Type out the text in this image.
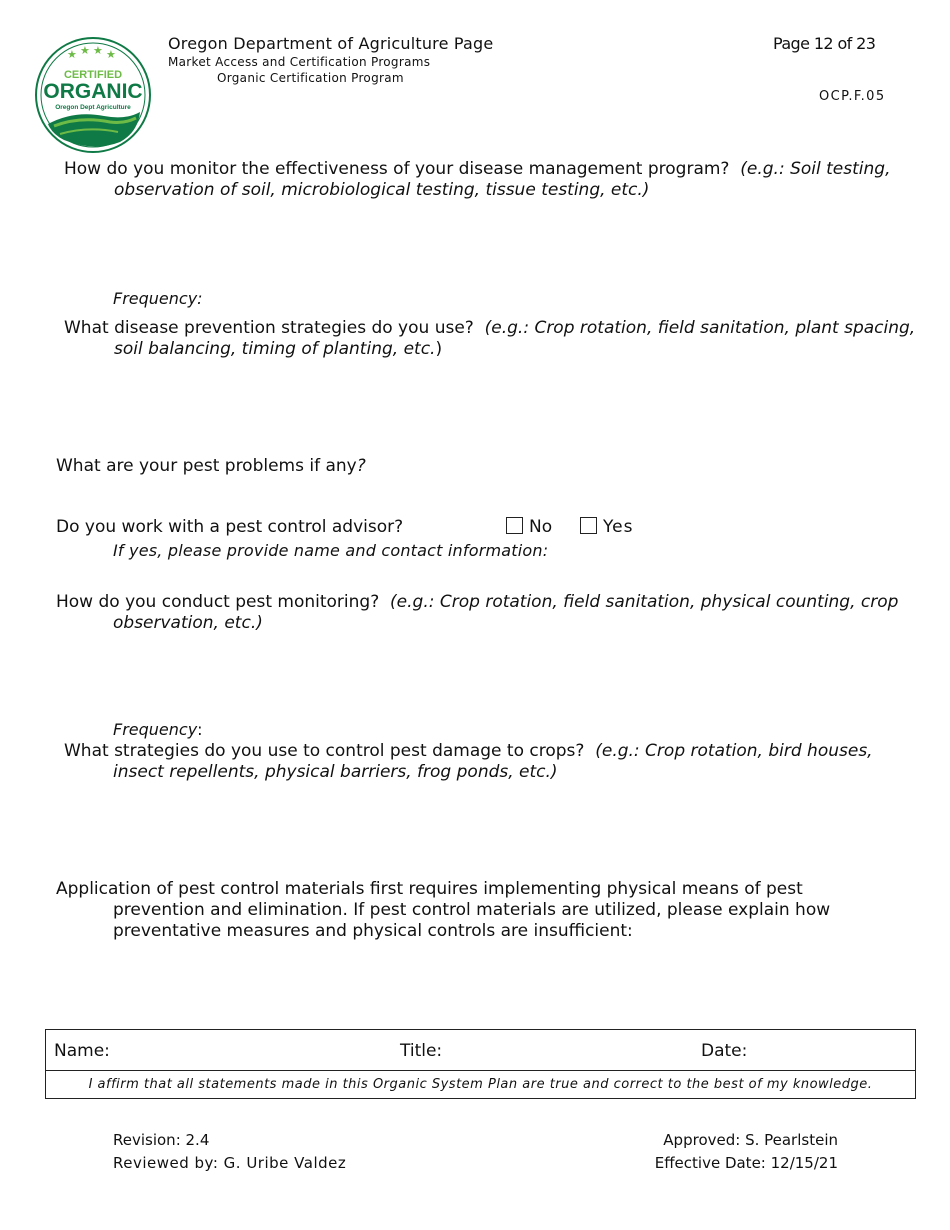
★ ★ ★ ★
CERTIFIED
ORGANIC
Oregon Dept Agriculture
Oregon Department of Agriculture Page
Market Access and Certification Programs
Organic Certification Program
Page 12 of 23
OCP.F.05
How do you monitor the effectiveness of your disease management program? (e.g.: Soil testing,
observation of soil, microbiological testing, tissue testing, etc.)
Frequency:
What disease prevention strategies do you use? (e.g.: Crop rotation, field sanitation, plant spacing,
soil balancing, timing of planting, etc.)
What are your pest problems if any?
Do you work with a pest control advisor?	No	Yes
If yes, please provide name and contact information:
How do you conduct pest monitoring? (e.g.: Crop rotation, field sanitation, physical counting, crop
observation, etc.)
Frequency:
What strategies do you use to control pest damage to crops? (e.g.: Crop rotation, bird houses,
insect repellents, physical barriers, frog ponds, etc.)
Application of pest control materials first requires implementing physical means of pest
prevention and elimination. If pest control materials are utilized, please explain how
preventative measures and physical controls are insufficient:
Name:	Title:	Date:
I affirm that all statements made in this Organic System Plan are true and correct to the best of my knowledge.
Revision: 2.4
Reviewed by: G. Uribe Valdez
Approved: S. Pearlstein
Effective Date: 12/15/21
